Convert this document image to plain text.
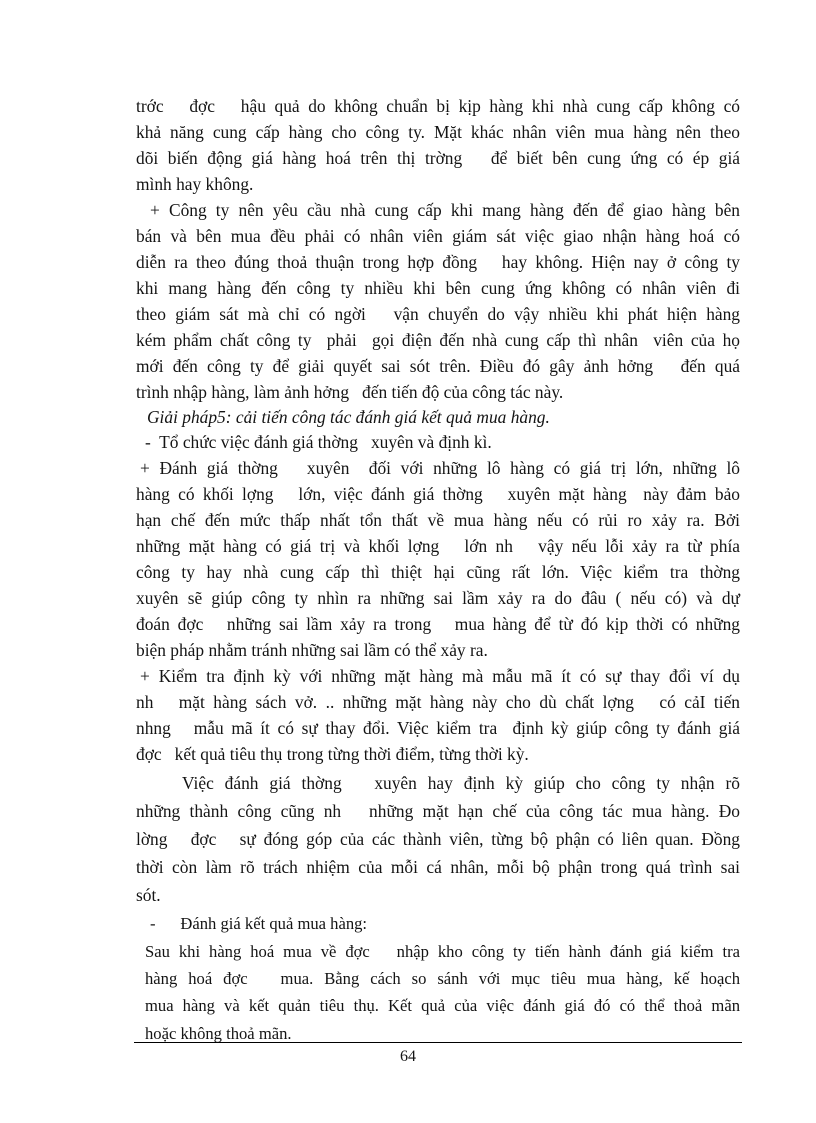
trớc   đợc   hậu quả do không chuẩn bị kịp hàng khi nhà cung cấp không có
khả năng cung cấp hàng cho công ty. Mặt khác nhân viên mua hàng nên theo
dõi biến động giá hàng hoá trên thị trờng   để biết bên cung ứng có ép giá
mình hay không.
+ Công ty nên yêu cầu nhà cung cấp khi mang hàng đến để giao hàng bên
bán và bên mua đều phải có nhân viên giám sát việc giao nhận hàng hoá có
diễn ra theo đúng thoả thuận trong hợp đồng   hay không. Hiện nay ở công ty
khi mang hàng đến công ty nhiều khi bên cung ứng không có nhân viên đi
theo giám sát mà chỉ có ngời   vận chuyển do vậy nhiều khi phát hiện hàng
kém phẩm chất công ty  phải  gọi điện đến nhà cung cấp thì nhân  viên của họ
mới đến công ty để giải quyết sai sót trên. Điều đó gây ảnh hởng   đến quá
trình nhập hàng, làm ảnh hởng   đến tiến độ của công tác này.
Giải pháp5: cải tiến công tác đánh giá kết quả mua hàng.
-  Tổ chức việc đánh giá thờng   xuyên và định kì.
+ Đánh giá thờng   xuyên  đối với những lô hàng có giá trị lớn, những lô
hàng có khối lợng   lớn, việc đánh giá thờng   xuyên mặt hàng  này đảm bảo
hạn chế đến mức thấp nhất tổn thất về mua hàng nếu có rủi ro xảy ra. Bởi
những mặt hàng có giá trị và khối lợng   lớn nh   vậy nếu lỗi xảy ra từ phía
công ty hay nhà cung cấp thì thiệt hại cũng rất lớn. Việc kiểm tra thờng
xuyên sẽ giúp công ty nhìn ra những sai lầm xảy ra do đâu ( nếu có) và dự
đoán đợc   những sai lầm xảy ra trong   mua hàng để từ đó kịp thời có những
biện pháp nhằm tránh những sai lầm có thể xảy ra.
+ Kiểm tra định kỳ với những mặt hàng mà mẫu mã ít có sự thay đổi ví dụ
nh   mặt hàng sách vở. .. những mặt hàng này cho dù chất lợng   có cảI tiến
nhng   mẫu mã ít có sự thay đổi. Việc kiểm tra  định kỳ giúp công ty đánh giá
đợc   kết quả tiêu thụ trong từng thời điểm, từng thời kỳ.
Việc đánh giá thờng   xuyên hay định kỳ giúp cho công ty nhận rõ
những thành công cũng nh   những mặt hạn chế của công tác mua hàng. Đo
lờng   đợc   sự đóng góp của các thành viên, từng bộ phận có liên quan. Đồng
thời còn làm rõ trách nhiệm của mỗi cá nhân, mỗi bộ phận trong quá trình sai
sót.
-      Đánh giá kết quả mua hàng:
Sau khi hàng hoá mua về đợc   nhập kho công ty tiến hành đánh giá kiểm tra
hàng hoá đợc   mua. Bằng cách so sánh với mục tiêu mua hàng, kế hoạch
mua hàng và kết quản tiêu thụ. Kết quả của việc đánh giá đó có thể thoả mãn
hoặc không thoả mãn.
64
